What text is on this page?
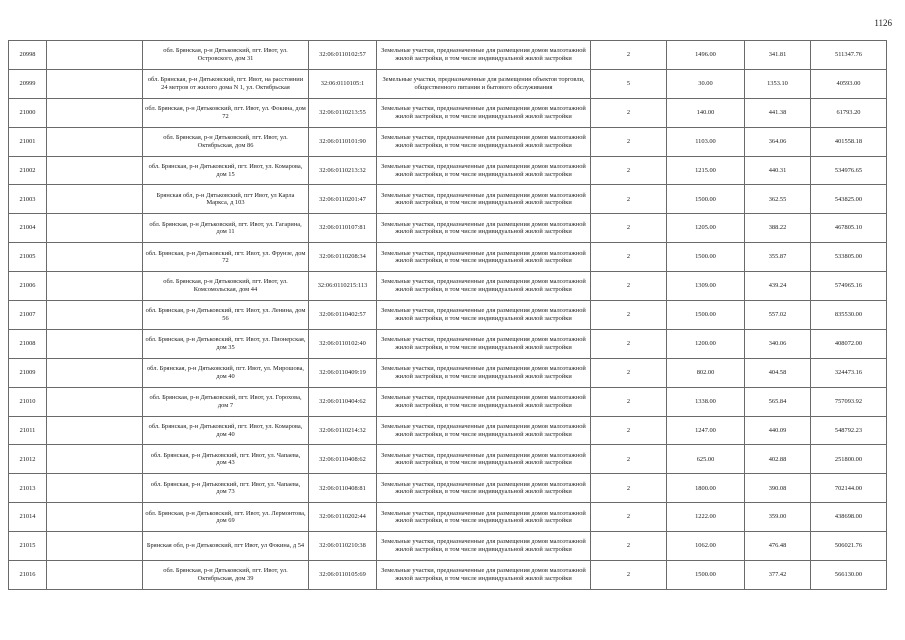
1126
20998		обл. Брянская, р-н Дятьковский, пгт. Ивот, ул. Островского, дом 31	32:06:0110102:57	Земельные участки, предназначенные для размещения домов малоэтажной жилой застройки, в том числе индивидуальной жилой застройки	2	1496.00	341.81	511347.76
20999		обл. Брянская, р-н Дятьковский, пгт. Ивот, на расстоянии 24 метров от жилого дома N 1, ул. Октябрьская	32:06:0110105:1	Земельные участки, предназначенные для размещения объектов торговли, общественного питания и бытового обслуживания	5	30.00	1353.10	40593.00
21000		обл. Брянская, р-н Дятьковский, пгт. Ивот, ул. Фокина, дом 72	32:06:0110213:55	Земельные участки, предназначенные для размещения домов малоэтажной жилой застройки, в том числе индивидуальной жилой застройки	2	140.00	441.38	61793.20
21001		обл. Брянская, р-н Дятьковский, пгт. Ивот, ул. Октябрьская, дом 86	32:06:0110101:90	Земельные участки, предназначенные для размещения домов малоэтажной жилой застройки, в том числе индивидуальной жилой застройки	2	1103.00	364.06	401558.18
21002		обл. Брянская, р-н Дятьковский, пгт. Ивот, ул. Комарова, дом 15	32:06:0110213:32	Земельные участки, предназначенные для размещения домов малоэтажной жилой застройки, в том числе индивидуальной жилой застройки	2	1215.00	440.31	534976.65
21003		Брянская обл, р-н Дятьковский, пгт Ивот, ул Карла Маркса, д 103	32:06:0110201:47	Земельные участки, предназначенные для размещения домов малоэтажной жилой застройки, в том числе индивидуальной жилой застройки	2	1500.00	362.55	543825.00
21004		обл. Брянская, р-н Дятьковский, пгт. Ивот, ул. Гагарина, дом 11	32:06:0110107:81	Земельные участки, предназначенные для размещения домов малоэтажной жилой застройки, в том числе индивидуальной жилой застройки	2	1205.00	388.22	467805.10
21005		обл. Брянская, р-н Дятьковский, пгт. Ивот, ул. Фрунзе, дом 72	32:06:0110208:34	Земельные участки, предназначенные для размещения домов малоэтажной жилой застройки, в том числе индивидуальной жилой застройки	2	1500.00	355.87	533805.00
21006		обл. Брянская, р-н Дятьковский, пгт. Ивот, ул. Комсомольская, дом 44	32:06:0110215:113	Земельные участки, предназначенные для размещения домов малоэтажной жилой застройки, в том числе индивидуальной жилой застройки	2	1309.00	439.24	574965.16
21007		обл. Брянская, р-н Дятьковский, пгт. Ивот, ул. Ленина, дом 56	32:06:0110402:57	Земельные участки, предназначенные для размещения домов малоэтажной жилой застройки, в том числе индивидуальной жилой застройки	2	1500.00	557.02	835530.00
21008		обл. Брянская, р-н Дятьковский, пгт. Ивот, ул. Пионерская, дом 35	32:06:0110102:40	Земельные участки, предназначенные для размещения домов малоэтажной жилой застройки, в том числе индивидуальной жилой застройки	2	1200.00	340.06	408072.00
21009		обл. Брянская, р-н Дятьковский, пгт. Ивот, ул. Мирошова, дом 40	32:06:0110409:19	Земельные участки, предназначенные для размещения домов малоэтажной жилой застройки, в том числе индивидуальной жилой застройки	2	802.00	404.58	324473.16
21010		обл. Брянская, р-н Дятьковский, пгт. Ивот, ул. Горохова, дом 7	32:06:0110404:62	Земельные участки, предназначенные для размещения домов малоэтажной жилой застройки, в том числе индивидуальной жилой застройки	2	1338.00	565.84	757093.92
21011		обл. Брянская, р-н Дятьковский, пгт. Ивот, ул. Комарова, дом 40	32:06:0110214:32	Земельные участки, предназначенные для размещения домов малоэтажной жилой застройки, в том числе индивидуальной жилой застройки	2	1247.00	440.09	548792.23
21012		обл. Брянская, р-н Дятьковский, пгт. Ивот, ул. Чапаева, дом 43	32:06:0110408:62	Земельные участки, предназначенные для размещения домов малоэтажной жилой застройки, в том числе индивидуальной жилой застройки	2	625.00	402.88	251800.00
21013		обл. Брянская, р-н Дятьковский, пгт. Ивот, ул. Чапаева, дом 73	32:06:0110408:81	Земельные участки, предназначенные для размещения домов малоэтажной жилой застройки, в том числе индивидуальной жилой застройки	2	1800.00	390.08	702144.00
21014		обл. Брянская, р-н Дятьковский, пгт. Ивот, ул. Лермонтова, дом 69	32:06:0110202:44	Земельные участки, предназначенные для размещения домов малоэтажной жилой застройки, в том числе индивидуальной жилой застройки	2	1222.00	359.00	438698.00
21015		Брянская обл, р-н Дятьковский, пгт Ивот, ул Фокина, д 54	32:06:0110210:38	Земельные участки, предназначенные для размещения домов малоэтажной жилой застройки, в том числе индивидуальной жилой застройки	2	1062.00	476.48	506021.76
21016		обл. Брянская, р-н Дятьковский, пгт. Ивот, ул. Октябрьская, дом 39	32:06:0110105:69	Земельные участки, предназначенные для размещения домов малоэтажной жилой застройки, в том числе индивидуальной жилой застройки	2	1500.00	377.42	566130.00
